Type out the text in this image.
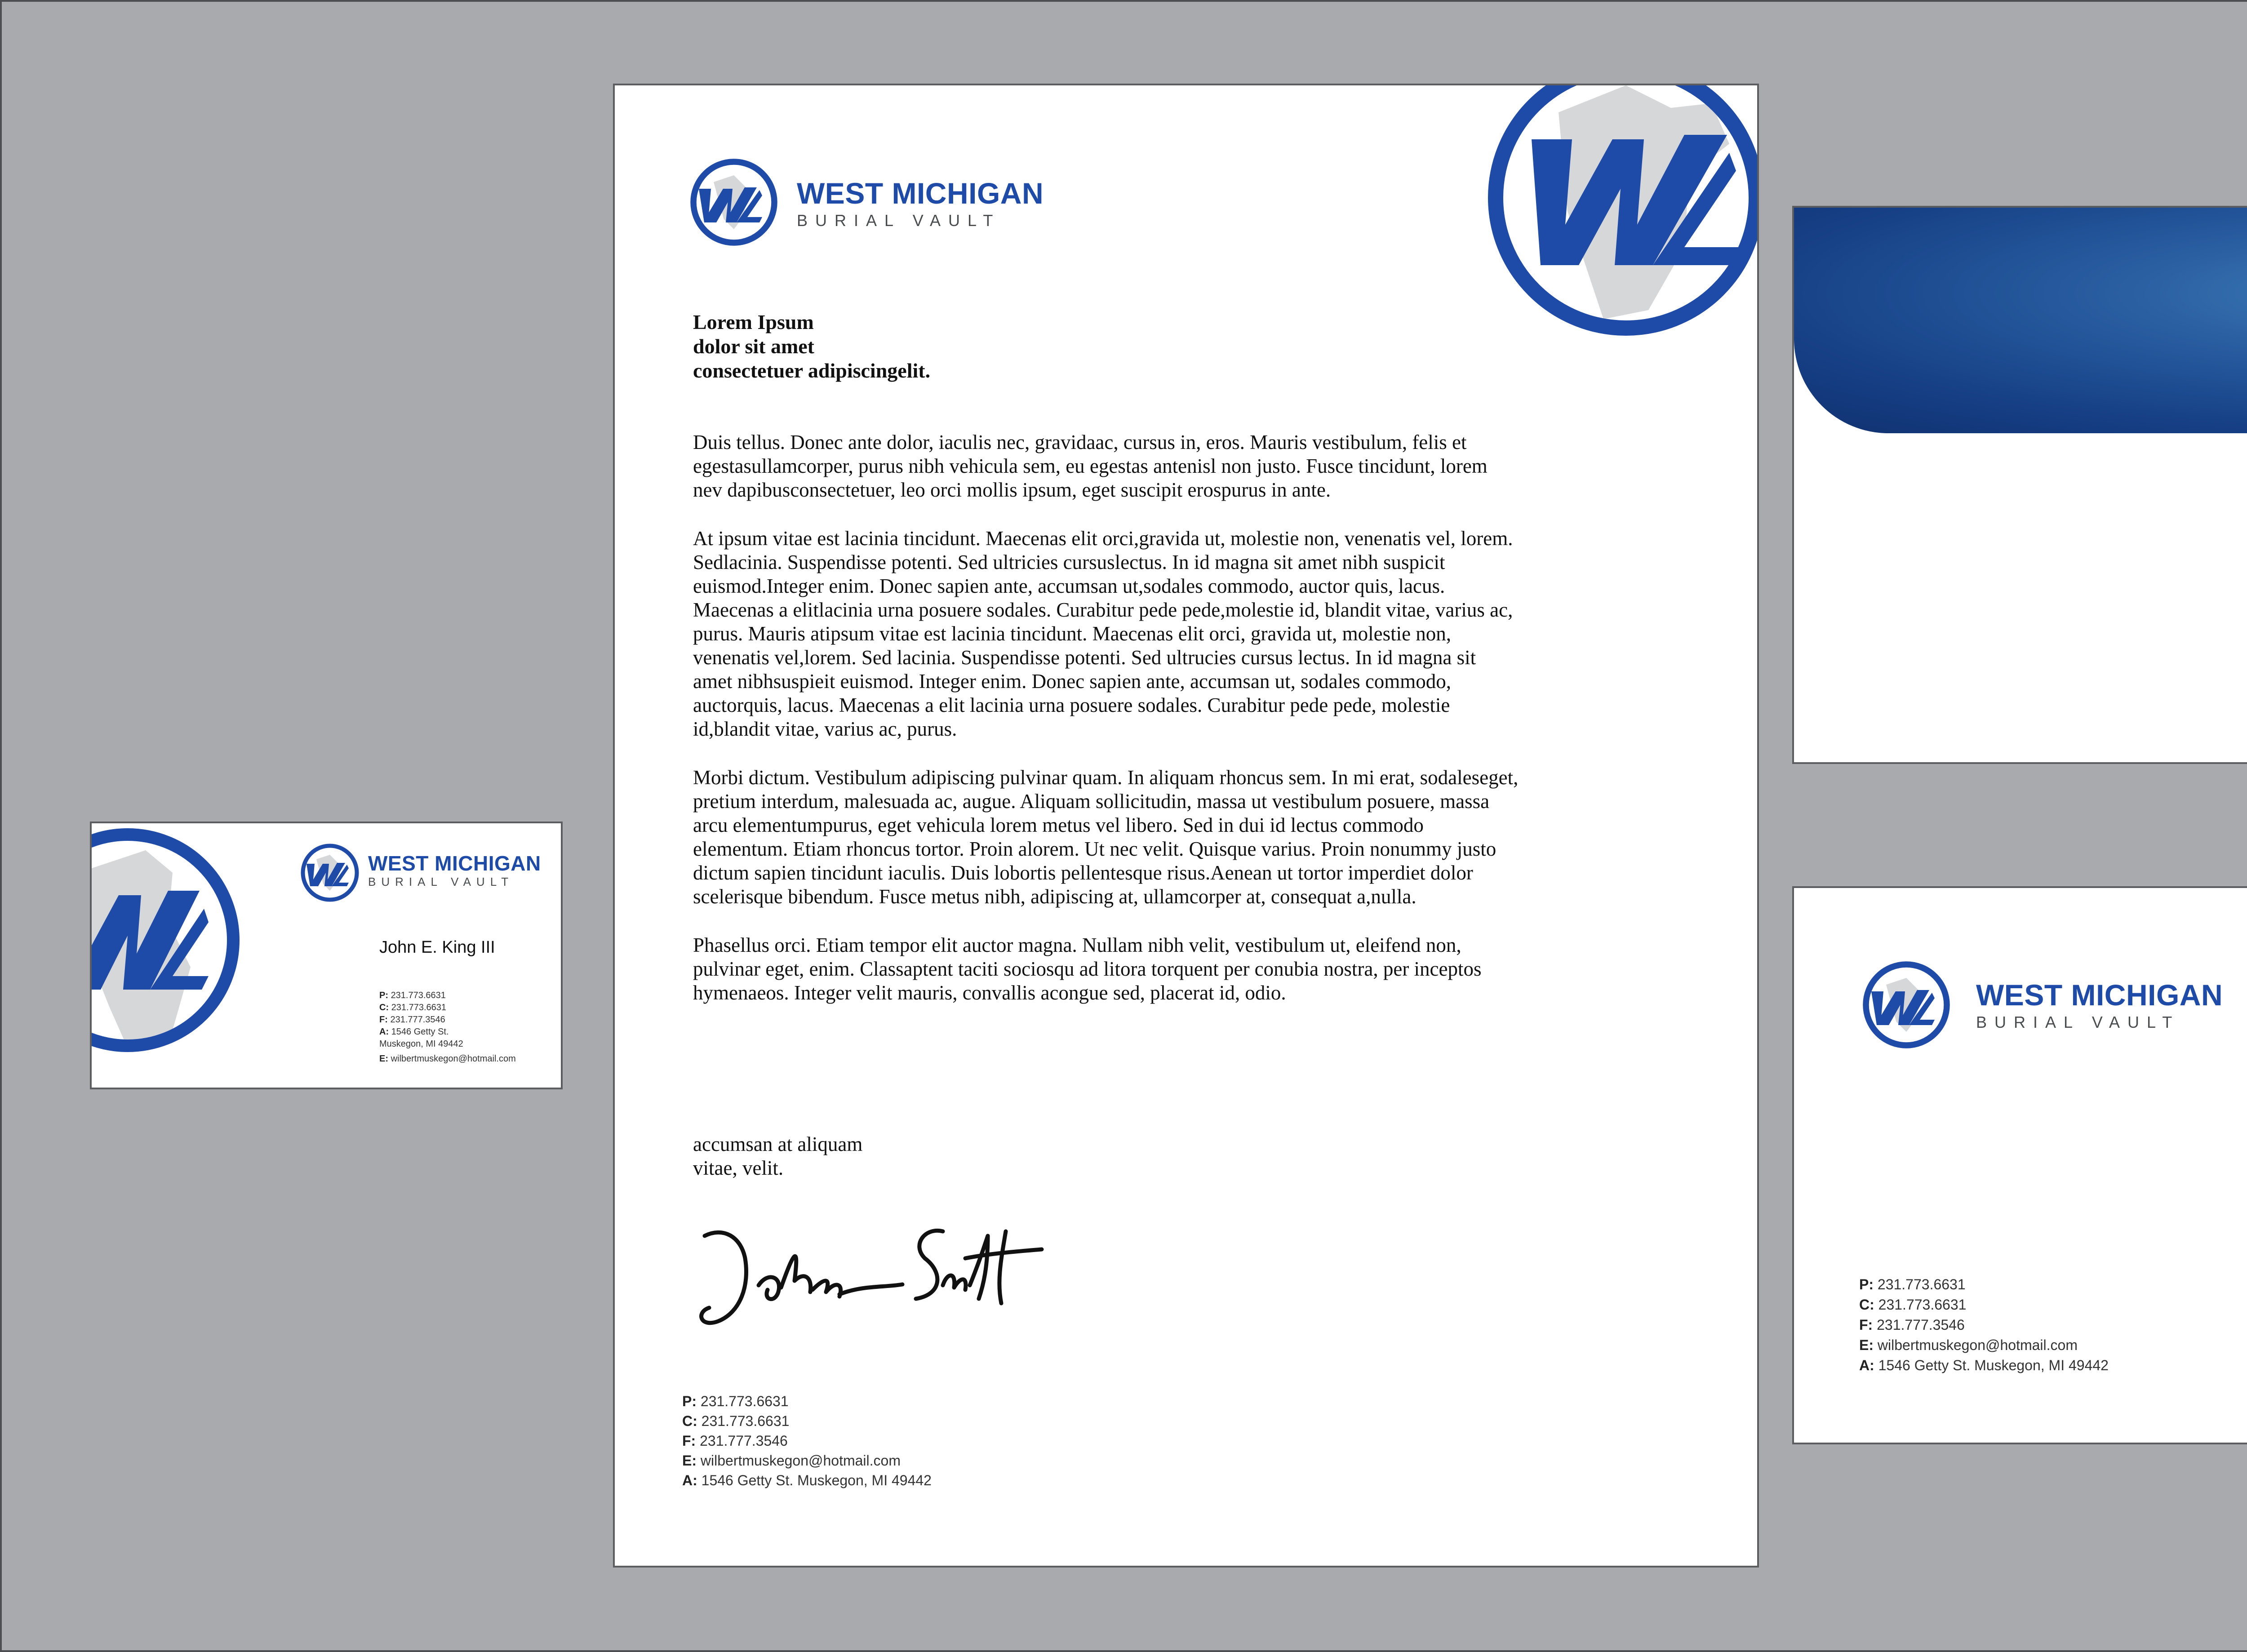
WEST MICHIGAN
BURIAL VAULT
John E. King III
P: 231.773.6631
C: 231.773.6631
F: 231.777.3546
A: 1546 Getty St.
Muskegon, MI 49442
E: wilbertmuskegon@hotmail.com
WEST MICHIGAN
BURIAL VAULT
Lorem Ipsum
dolor sit amet
consectetuer adipiscingelit.

Duis tellus. Donec ante dolor, iaculis nec, gravidaac, cursus in, eros. Mauris vestibulum, felis et egestasullamcorper, purus nibh vehicula sem, eu egestas antenisl non justo. Fusce tincidunt, lorem nev dapibusconsectetuer, leo orci mollis ipsum, eget suscipit erospurus in ante.

At ipsum vitae est lacinia tincidunt. Maecenas elit orci,gravida ut, molestie non, venenatis vel, lorem. Sedlacinia. Suspendisse potenti. Sed ultricies cursuslectus. In id magna sit amet nibh suspicit euismod.Integer enim. Donec sapien ante, accumsan ut,sodales commodo, auctor quis, lacus. Maecenas a elitlacinia urna posuere sodales. Curabitur pede pede,molestie id, blandit vitae, varius ac, purus. Mauris atipsum vitae est lacinia tincidunt. Maecenas elit orci, gravida ut, molestie non, venenatis vel,lorem. Sed lacinia. Suspendisse potenti. Sed ultrucies cursus lectus. In id magna sit amet nibhsuspieit euismod. Integer enim. Donec sapien ante, accumsan ut, sodales commodo, auctorquis, lacus. Maecenas a elit lacinia urna posuere sodales. Curabitur pede pede, molestie id,blandit vitae, varius ac, purus.

Morbi dictum. Vestibulum adipiscing pulvinar quam. In aliquam rhoncus sem. In mi erat, sodaleseget, pretium interdum, malesuada ac, augue. Aliquam sollicitudin, massa ut vestibulum posuere, massa arcu elementumpurus, eget vehicula lorem metus vel libero. Sed in dui id lectus commodo elementum. Etiam rhoncus tortor. Proin alorem. Ut nec velit. Quisque varius. Proin nonummy justo dictum sapien tincidunt iaculis. Duis lobortis pellentesque risus.Aenean ut tortor imperdiet dolor scelerisque bibendum. Fusce metus nibh, adipiscing at, ullamcorper at, consequat a,nulla.

Phasellus orci. Etiam tempor elit auctor magna. Nullam nibh velit, vestibulum ut, eleifend non, pulvinar eget, enim. Classaptent taciti sociosqu ad litora torquent per conubia nostra, per inceptos hymenaeos. Integer velit mauris, convallis acongue sed, placerat id, odio.

accumsan at aliquam
vitae, velit.
P: 231.773.6631
C: 231.773.6631
F: 231.777.3546
E: wilbertmuskegon@hotmail.com
A: 1546 Getty St. Muskegon, MI 49442
WEST MICHIGAN
BURIAL VAULT
P: 231.773.6631
C: 231.773.6631
F: 231.777.3546
E: wilbertmuskegon@hotmail.com
A: 1546 Getty St. Muskegon, MI 49442
